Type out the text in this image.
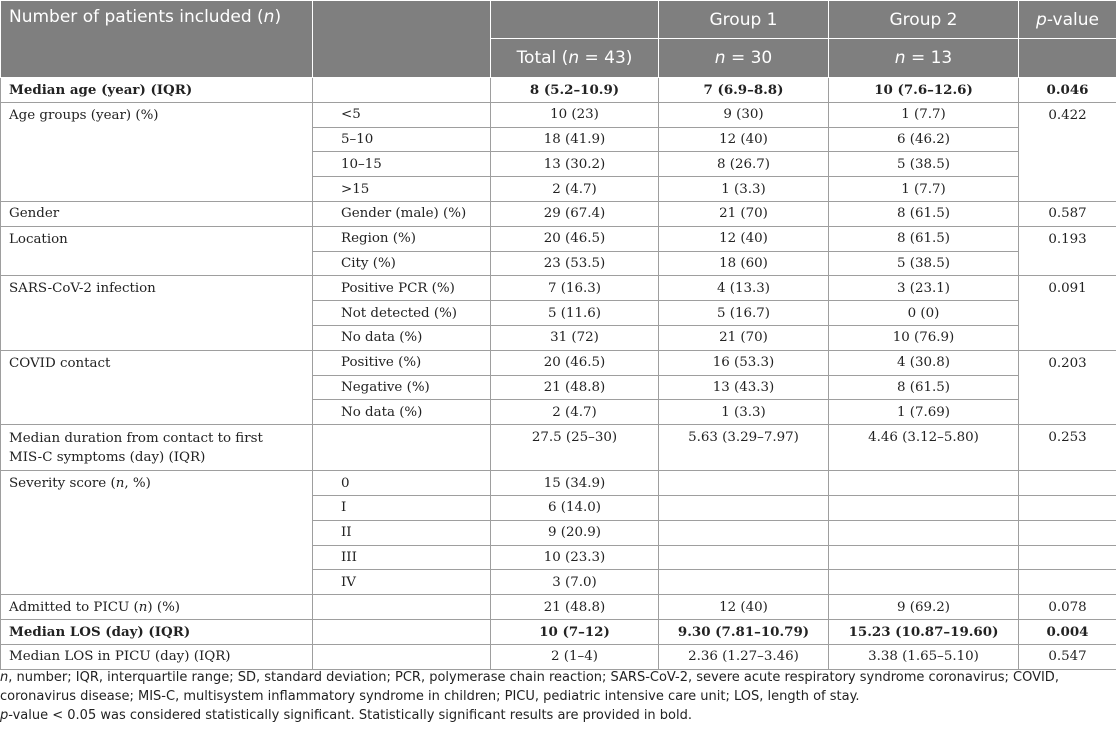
Number of patients included (n)			Group 1	Group 2	p-value
		Total (n = 43)	n = 30	n = 13	
Median age (year) (IQR)		8 (5.2–10.9)	7 (6.9–8.8)	10 (7.6–12.6)	0.046
Age groups (year) (%)	<5	10 (23)	9 (30)	1 (7.7)	0.422
	5–10	18 (41.9)	12 (40)	6 (46.2)	
	10–15	13 (30.2)	8 (26.7)	5 (38.5)	
	>15	2 (4.7)	1 (3.3)	1 (7.7)	
Gender	Gender (male) (%)	29 (67.4)	21 (70)	8 (61.5)	0.587
Location	Region (%)	20 (46.5)	12 (40)	8 (61.5)	0.193
	City (%)	23 (53.5)	18 (60)	5 (38.5)	
SARS-CoV-2 infection	Positive PCR (%)	7 (16.3)	4 (13.3)	3 (23.1)	0.091
	Not detected (%)	5 (11.6)	5 (16.7)	0 (0)	
	No data (%)	31 (72)	21 (70)	10 (76.9)	
COVID contact	Positive (%)	20 (46.5)	16 (53.3)	4 (30.8)	0.203
	Negative (%)	21 (48.8)	13 (43.3)	8 (61.5)	
	No data (%)	2 (4.7)	1 (3.3)	1 (7.69)	
Median duration from contact to first
MIS-C symptoms (day) (IQR)		27.5 (25–30)	5.63 (3.29–7.97)	4.46 (3.12–5.80)	0.253
Severity score (n, %)	0	15 (34.9)			
	I	6 (14.0)			
	II	9 (20.9)			
	III	10 (23.3)			
	IV	3 (7.0)			
Admitted to PICU (n) (%)		21 (48.8)	12 (40)	9 (69.2)	0.078
Median LOS (day) (IQR)		10 (7–12)	9.30 (7.81–10.79)	15.23 (10.87–19.60)	0.004
Median LOS in PICU (day) (IQR)		2 (1–4)	2.36 (1.27–3.46)	3.38 (1.65–5.10)	0.547

n, number; IQR, interquartile range; SD, standard deviation; PCR, polymerase chain reaction; SARS-CoV-2, severe acute respiratory syndrome coronavirus; COVID,
coronavirus disease; MIS-C, multisystem inflammatory syndrome in children; PICU, pediatric intensive care unit; LOS, length of stay.

p-value < 0.05 was considered statistically significant. Statistically significant results are provided in bold.
